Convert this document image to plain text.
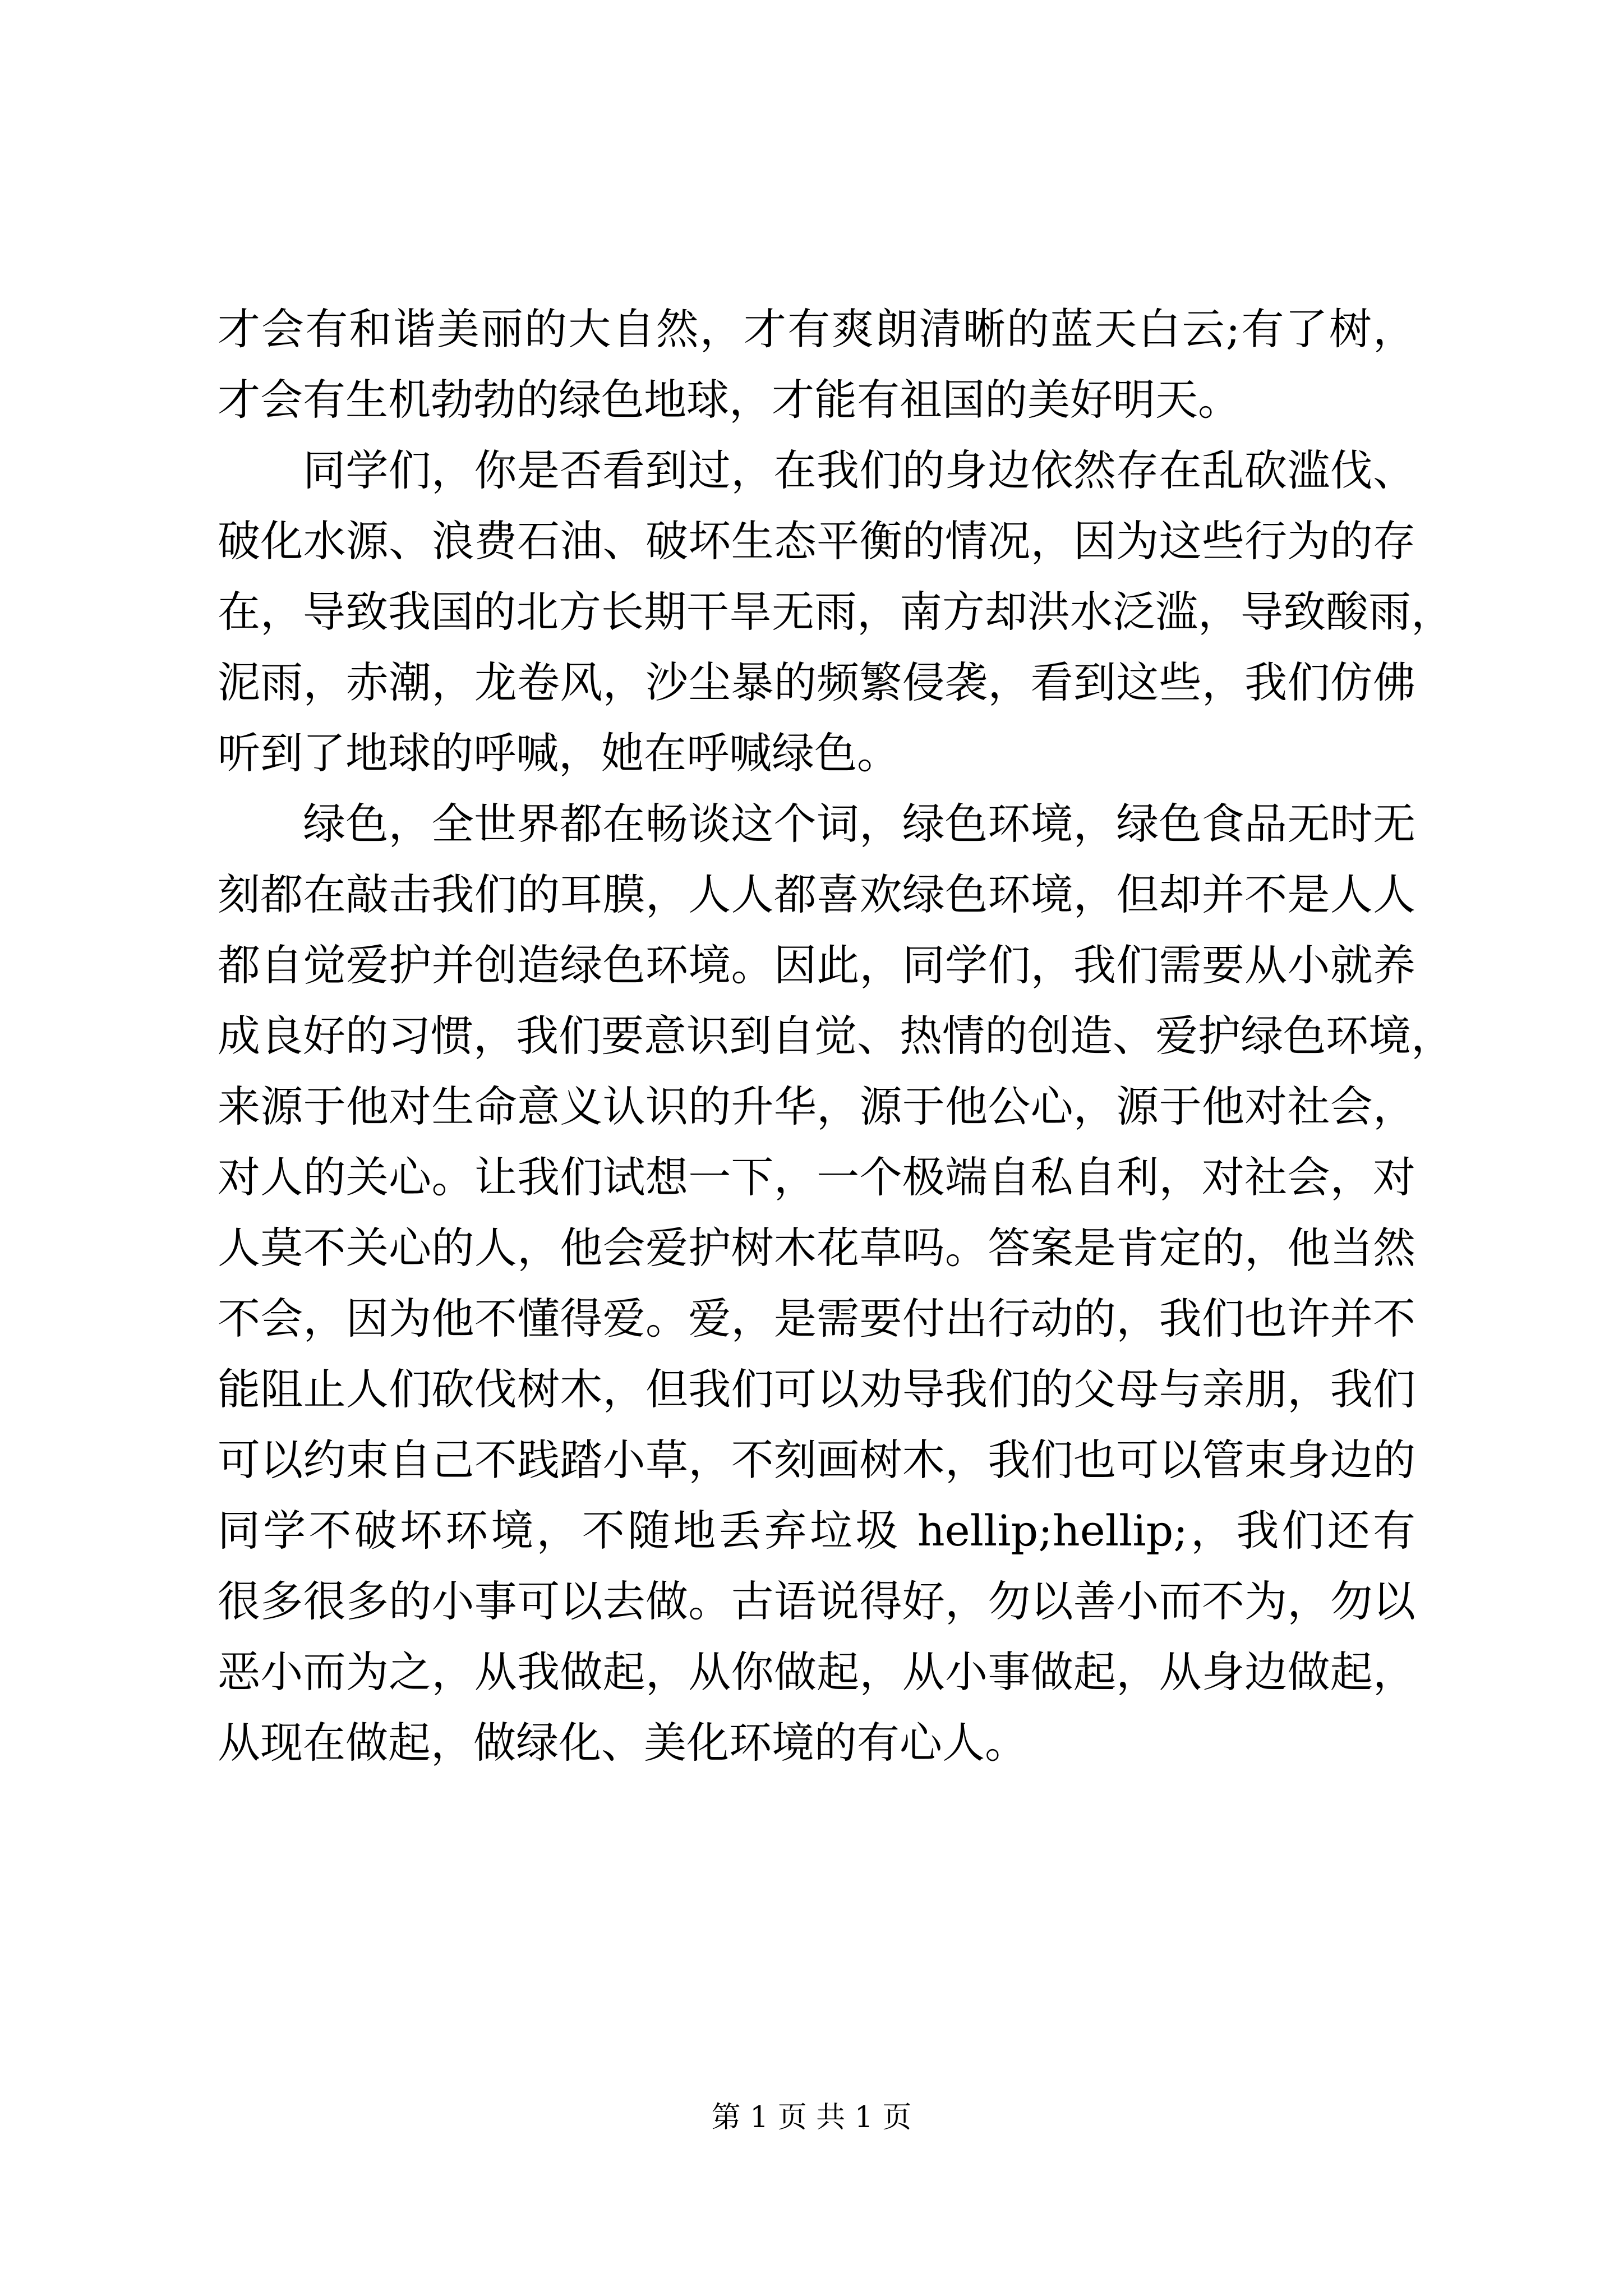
才会有和谐美丽的大自然，才有爽朗清晰的蓝天白云;有了树，
才会有生机勃勃的绿色地球，才能有祖国的美好明天。
同学们，你是否看到过，在我们的身边依然存在乱砍滥伐、
破化水源、浪费石油、破坏生态平衡的情况，因为这些行为的存
在，导致我国的北方长期干旱无雨，南方却洪水泛滥，导致酸雨，
泥雨，赤潮，龙卷风，沙尘暴的频繁侵袭，看到这些，我们仿佛
听到了地球的呼喊，她在呼喊绿色。
绿色，全世界都在畅谈这个词，绿色环境，绿色食品无时无
刻都在敲击我们的耳膜，人人都喜欢绿色环境，但却并不是人人
都自觉爱护并创造绿色环境。因此，同学们，我们需要从小就养
成良好的习惯，我们要意识到自觉、热情的创造、爱护绿色环境，
来源于他对生命意义认识的升华，源于他公心，源于他对社会，
对人的关心。让我们试想一下，一个极端自私自利，对社会，对
人莫不关心的人，他会爱护树木花草吗。答案是肯定的，他当然
不会，因为他不懂得爱。爱，是需要付出行动的，我们也许并不
能阻止人们砍伐树木，但我们可以劝导我们的父母与亲朋，我们
可以约束自己不践踏小草，不刻画树木，我们也可以管束身边的
同学不破坏环境，不随地丢弃垃圾 hellip;hellip;，我们还有
很多很多的小事可以去做。古语说得好，勿以善小而不为，勿以
恶小而为之，从我做起，从你做起，从小事做起，从身边做起，
从现在做起，做绿化、美化环境的有心人。
第 1 页 共 1 页
